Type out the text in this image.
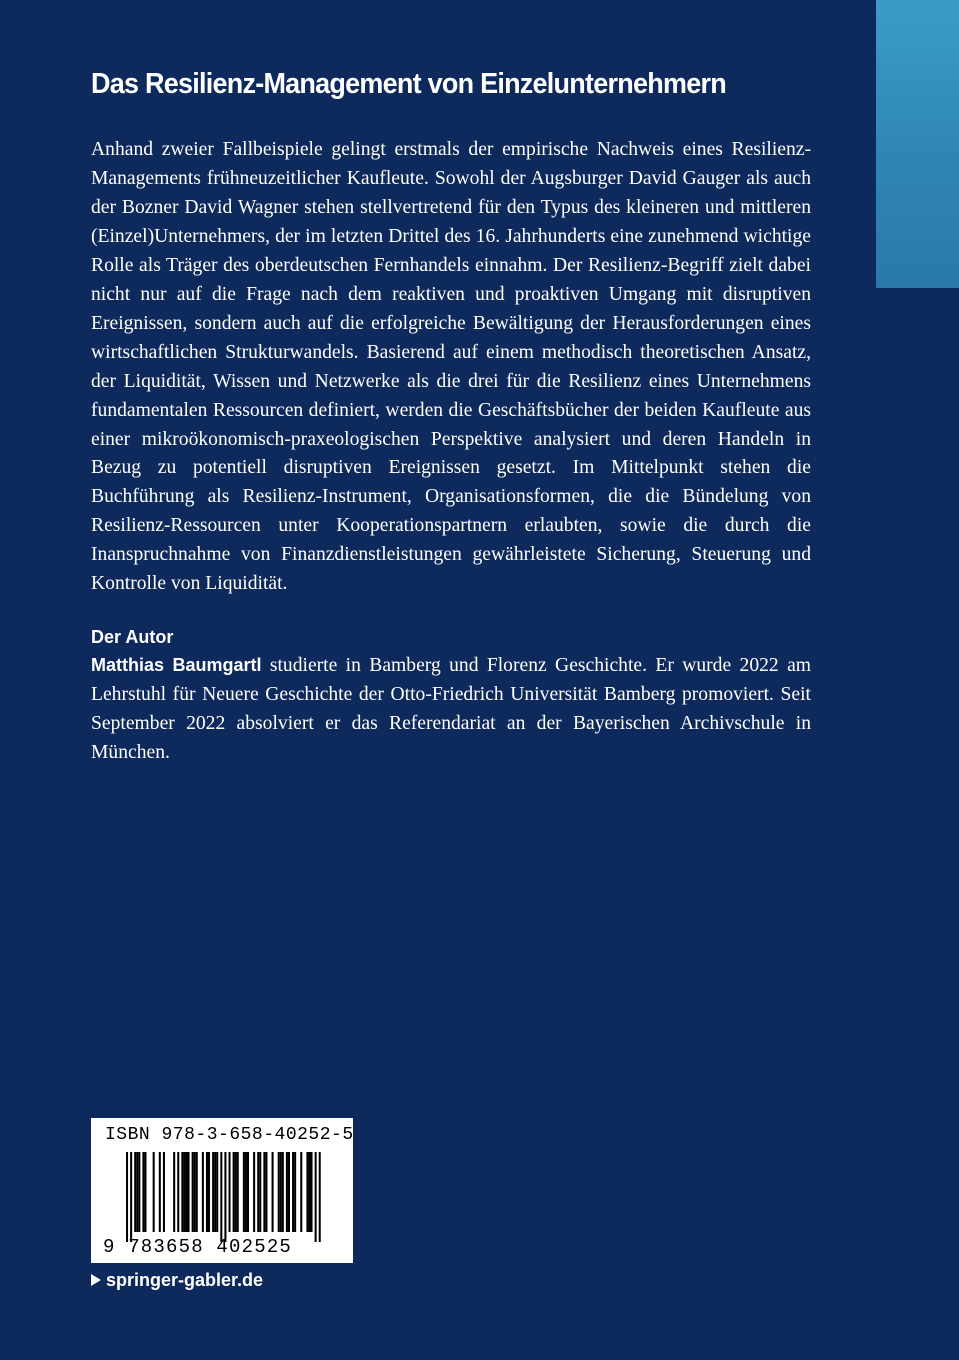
Das Resilienz-Management von Einzelunternehmern

Anhand zweier Fallbeispiele gelingt erstmals der empirische Nachweis eines Resilienz-Managements frühneuzeitlicher Kaufleute. Sowohl der Augsburger David Gauger als auch der Bozner David Wagner stehen stellvertretend für den Typus des kleineren und mittleren (Einzel)Unternehmers, der im letzten Drittel des 16. Jahrhunderts eine zunehmend wichtige Rolle als Träger des oberdeutschen Fernhandels einnahm. Der Resilienz-Begriff zielt dabei nicht nur auf die Frage nach dem reaktiven und proaktiven Umgang mit disruptiven Ereignissen, sondern auch auf die erfolgreiche Bewältigung der Herausforderungen eines wirtschaftlichen Strukturwandels. Basierend auf einem methodisch theoretischen Ansatz, der Liquidität, Wissen und Netzwerke als die drei für die Resilienz eines Unternehmens fundamentalen Ressourcen definiert, werden die Geschäftsbücher der beiden Kaufleute aus einer mikroökonomisch-praxeologischen Perspektive analysiert und deren Handeln in Bezug zu potentiell disruptiven Ereignissen gesetzt. Im Mittelpunkt stehen die Buchführung als Resilienz-Instrument, Organisationsformen, die die Bündelung von Resilienz-Ressourcen unter Kooperationspartnern erlaubten, sowie die durch die Inanspruchnahme von Finanzdienstleistungen gewährleistete Sicherung, Steuerung und Kontrolle von Liquidität.

Der Autor

Matthias Baumgartl studierte in Bamberg und Florenz Geschichte. Er wurde 2022 am Lehrstuhl für Neuere Geschichte der Otto-Friedrich Universität Bamberg promoviert. Seit September 2022 absolviert er das Referendariat an der Bayerischen Archivschule in München.

ISBN 978-3-658-40252-5
9 783658 402525
springer-gabler.de
